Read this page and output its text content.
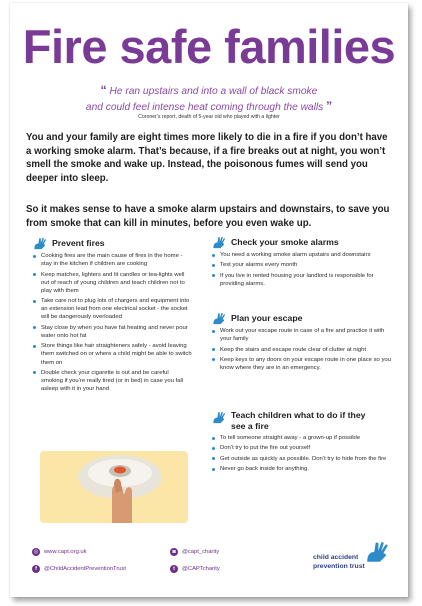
Fire safe families
“ He ran upstairs and into a wall of black smoke
and could feel intense heat coming through the walls ”
Coroner's report, death of 5-year old who played with a lighter

You and your family are eight times more likely to die in a fire if you don’t have a working smoke alarm. That’s because, if a fire breaks out at night, you won’t smell the smoke and wake up. Instead, the poisonous fumes will send you deeper into sleep.

So it makes sense to have a smoke alarm upstairs and downstairs, to save you from smoke that can kill in minutes, before you even wake up.

Prevent fires
Cooking fires are the main cause of fires in the home - stay in the kitchen if children are cooking
Keep matches, lighters and lit candles or tea-lights well out of reach of young children and teach children not to play with them
Take care not to plug lots of chargers and equipment into an extension lead from one electrical socket - the socket will be dangerously overloaded
Stay close by when you have fat heating and never pour water onto hot fat
Store things like hair straighteners safely - avoid leaving them switched on or where a child might be able to switch them on
Double check your cigarette is out and be careful smoking if you’re really tired (or in bed) in case you fall asleep with it in your hand
Check your smoke alarms
You need a working smoke alarm upstairs and downstairs
Test your alarms every month
If you live in rented housing your landlord is responsible for providing alarms.
Plan your escape
Work out your escape route in case of a fire and practice it with your family
Keep the stairs and escape route clear of clutter at night
Keep keys to any doors on your escape route in one place so you know where they are in an emergency.
Teach children what to do if they see a fire
To tell someone straight away - a grown-up if possible
Don’t try to put the fire out yourself
Get outside as quickly as possible. Don’t try to hide from the fire
Never go back inside for anything.
◎ www.capt.org.uk	◙	@capt_charity
f	@ChildAccidentPreventionTrust	t	@CAPTcharity
child accident
prevention trust
